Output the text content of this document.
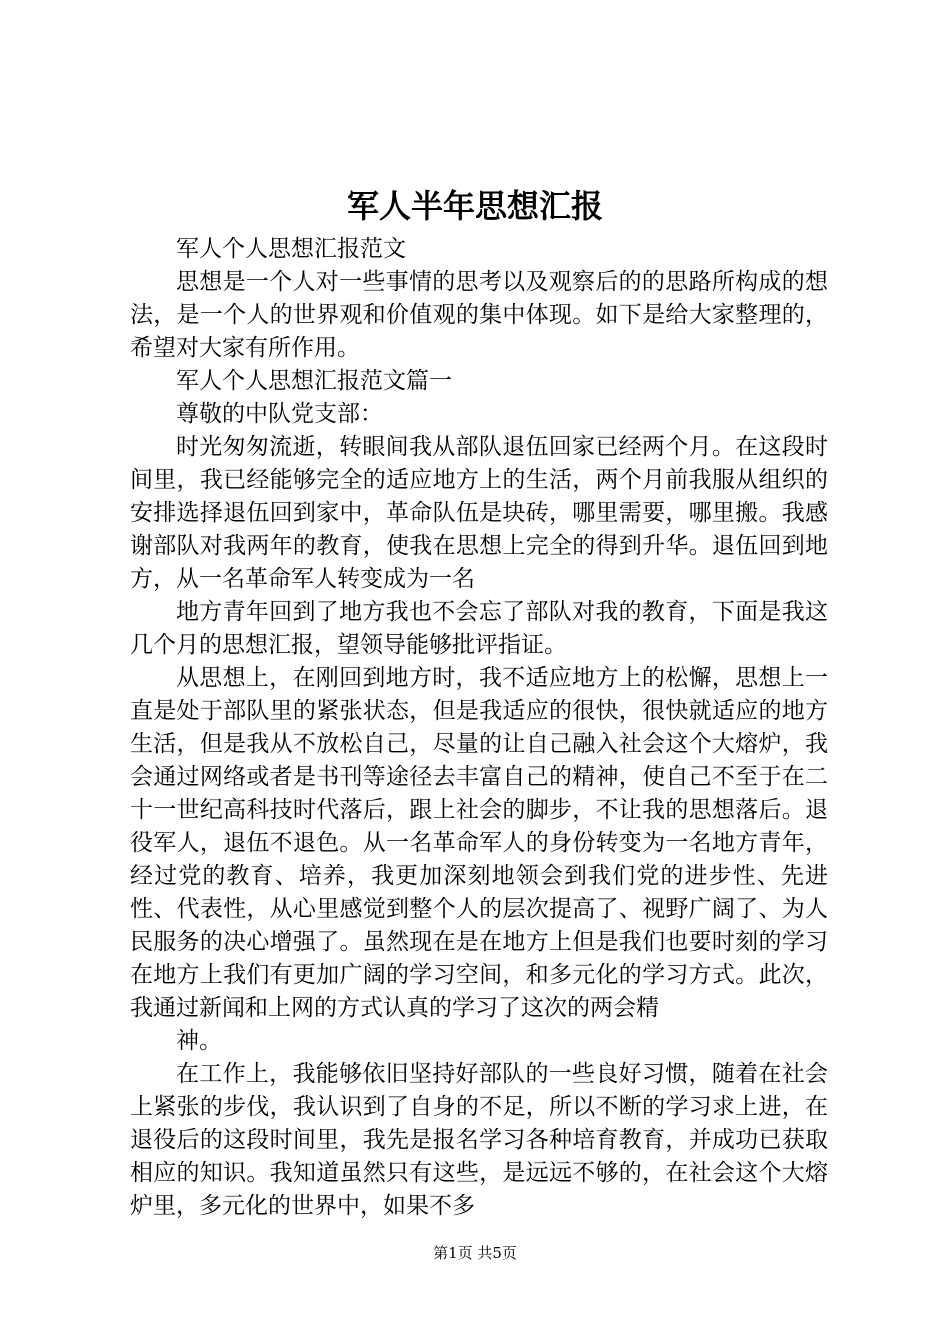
军人半年思想汇报

军人个人思想汇报范文

思想是一个人对一些事情的思考以及观察后的的思路所构成的想法，是一个人的世界观和价值观的集中体现。如下是给大家整理的，希望对大家有所作用。

军人个人思想汇报范文篇一

尊敬的中队党支部：

时光匆匆流逝，转眼间我从部队退伍回家已经两个月。在这段时间里，我已经能够完全的适应地方上的生活，两个月前我服从组织的安排选择退伍回到家中，革命队伍是块砖，哪里需要，哪里搬。我感谢部队对我两年的教育，使我在思想上完全的得到升华。退伍回到地方，从一名革命军人转变成为一名

地方青年回到了地方我也不会忘了部队对我的教育，下面是我这几个月的思想汇报，望领导能够批评指证。

从思想上，在刚回到地方时，我不适应地方上的松懈，思想上一直是处于部队里的紧张状态，但是我适应的很快，很快就适应的地方生活，但是我从不放松自己，尽量的让自己融入社会这个大熔炉，我会通过网络或者是书刊等途径去丰富自己的精神，使自己不至于在二十一世纪高科技时代落后，跟上社会的脚步，不让我的思想落后。退役军人，退伍不退色。从一名革命军人的身份转变为一名地方青年，经过党的教育、培养，我更加深刻地领会到我们党的进步性、先进性、代表性，从心里感觉到整个人的层次提高了、视野广阔了、为人民服务的决心增强了。虽然现在是在地方上但是我们也要时刻的学习在地方上我们有更加广阔的学习空间，和多元化的学习方式。此次，我通过新闻和上网的方式认真的学习了这次的两会精

神。

在工作上，我能够依旧坚持好部队的一些良好习惯，随着在社会上紧张的步伐，我认识到了自身的不足，所以不断的学习求上进，在退役后的这段时间里，我先是报名学习各种培育教育，并成功已获取相应的知识。我知道虽然只有这些，是远远不够的，在社会这个大熔炉里，多元化的世界中，如果不多

第1页 共5页
